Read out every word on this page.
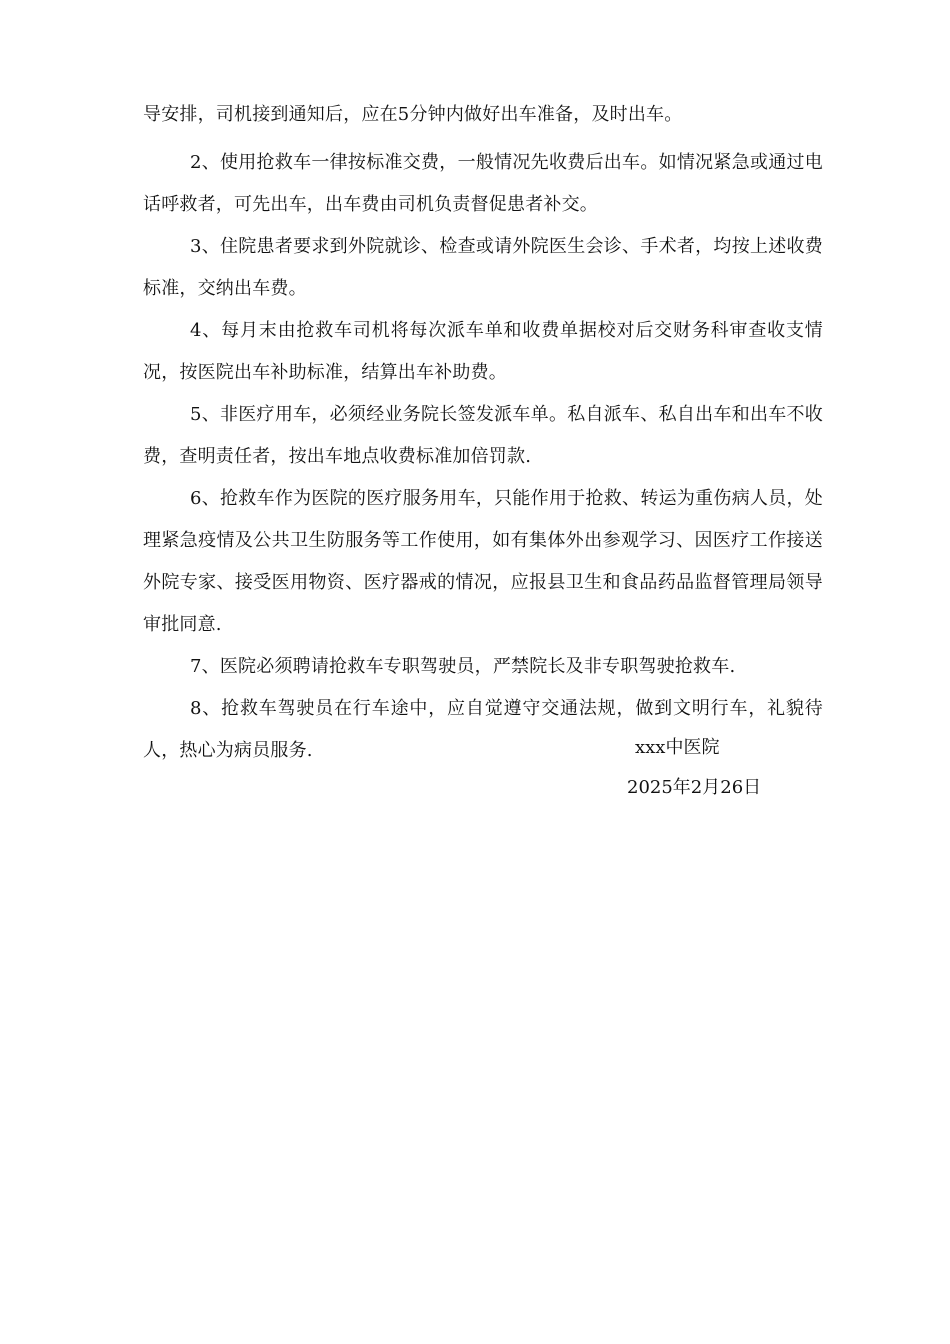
导安排，司机接到通知后，应在5分钟内做好出车准备，及时出车。

2、使用抢救车一律按标准交费，一般情况先收费后出车。如情况紧急或通过电话呼救者，可先出车，出车费由司机负责督促患者补交。

3、住院患者要求到外院就诊、检查或请外院医生会诊、手术者，均按上述收费标准，交纳出车费。

4、每月末由抢救车司机将每次派车单和收费单据校对后交财务科审查收支情况，按医院出车补助标准，结算出车补助费。

5、非医疗用车，必须经业务院长签发派车单。私自派车、私自出车和出车不收费，查明责任者，按出车地点收费标准加倍罚款.

6、抢救车作为医院的医疗服务用车，只能作用于抢救、转运为重伤病人员，处理紧急疫情及公共卫生防服务等工作使用，如有集体外出参观学习、因医疗工作接送外院专家、接受医用物资、医疗器戒的情况，应报县卫生和食品药品监督管理局领导审批同意.

7、医院必须聘请抢救车专职驾驶员，严禁院长及非专职驾驶抢救车.

8、抢救车驾驶员在行车途中，应自觉遵守交通法规，做到文明行车，礼貌待人，热心为病员服务.	xxx中医院

2025年2月26日
